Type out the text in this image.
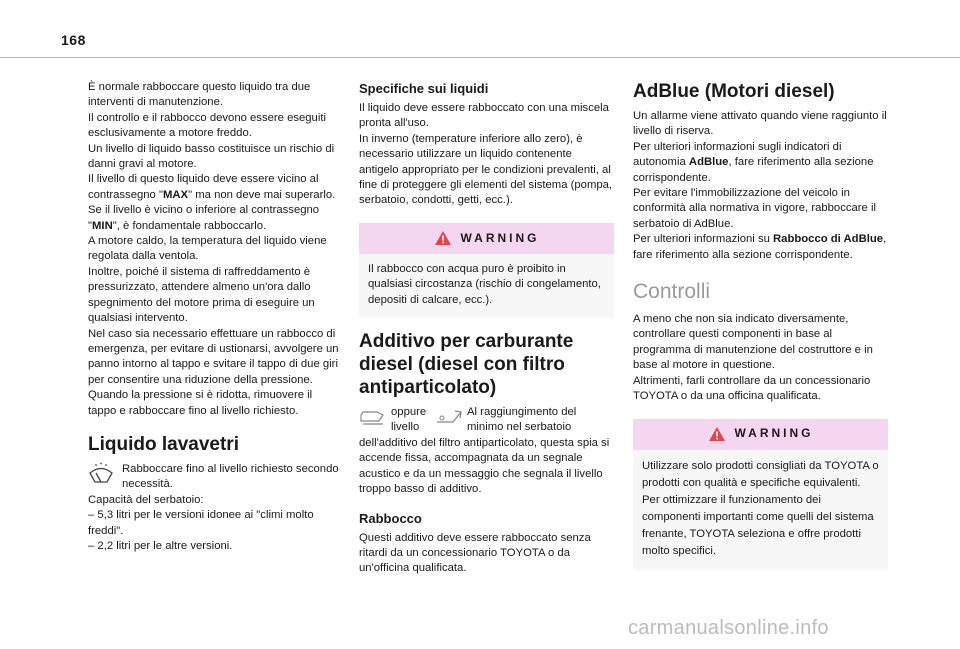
168

È normale rabboccare questo liquido tra due interventi di manutenzione.
Il controllo e il rabbocco devono essere eseguiti esclusivamente a motore freddo.
Un livello di liquido basso costituisce un rischio di danni gravi al motore.
Il livello di questo liquido deve essere vicino al contrassegno "MAX" ma non deve mai superarlo.
Se il livello è vicino o inferiore al contrassegno "MIN", è fondamentale rabboccarlo.
A motore caldo, la temperatura del liquido viene regolata dalla ventola.
Inoltre, poiché il sistema di raffreddamento è pressurizzato, attendere almeno un'ora dallo spegnimento del motore prima di eseguire un qualsiasi intervento.
Nel caso sia necessario effettuare un rabbocco di emergenza, per evitare di ustionarsi, avvolgere un panno intorno al tappo e svitare il tappo di due giri per consentire una riduzione della pressione.
Quando la pressione si è ridotta, rimuovere il tappo e rabboccare fino al livello richiesto.

Liquido lavavetri
Rabboccare fino al livello richiesto secondo necessità.

Capacità del serbatoio:

– 5,3 litri per le versioni idonee ai "climi molto freddi".

– 2,2 litri per le altre versioni.

Specifiche sui liquidi

Il liquido deve essere rabboccato con una miscela pronta all'uso.

In inverno (temperature inferiore allo zero), è necessario utilizzare un liquido contenente antigelo appropriato per le condizioni prevalenti, al fine di proteggere gli elementi del sistema (pompa, serbatoio, condotti, getti, ecc.).

WARNING
Il rabbocco con acqua puro è proibito in qualsiasi circostanza (rischio di congelamento, depositi di calcare, ecc.).
Additivo per carburante diesel (diesel con filtro antiparticolato)
oppure livello
Al raggiungimento del minimo nel serbatoio

dell'additivo del filtro antiparticolato, questa spia si accende fissa, accompagnata da un segnale acustico e da un messaggio che segnala il livello troppo basso di additivo.

Rabbocco

Questi additivo deve essere rabboccato senza ritardi da un concessionario TOYOTA o da un'officina qualificata.

AdBlue (Motori diesel)

Un allarme viene attivato quando viene raggiunto il livello di riserva.
Per ulteriori informazioni sugli indicatori di autonomia AdBlue, fare riferimento alla sezione corrispondente.
Per evitare l'immobilizzazione del veicolo in conformità alla normativa in vigore, rabboccare il serbatoio di AdBlue.
Per ulteriori informazioni su Rabbocco di AdBlue, fare riferimento alla sezione corrispondente.

Controlli

A meno che non sia indicato diversamente, controllare questi componenti in base al programma di manutenzione del costruttore e in base al motore in questione.

Altrimenti, farli controllare da un concessionario TOYOTA o da una officina qualificata.

WARNING
Utilizzare solo prodotti consigliati da TOYOTA o prodotti con qualità e specifiche equivalenti. Per ottimizzare il funzionamento dei componenti importanti come quelli del sistema frenante, TOYOTA seleziona e offre prodotti molto specifici.
carmanualsonline.info
